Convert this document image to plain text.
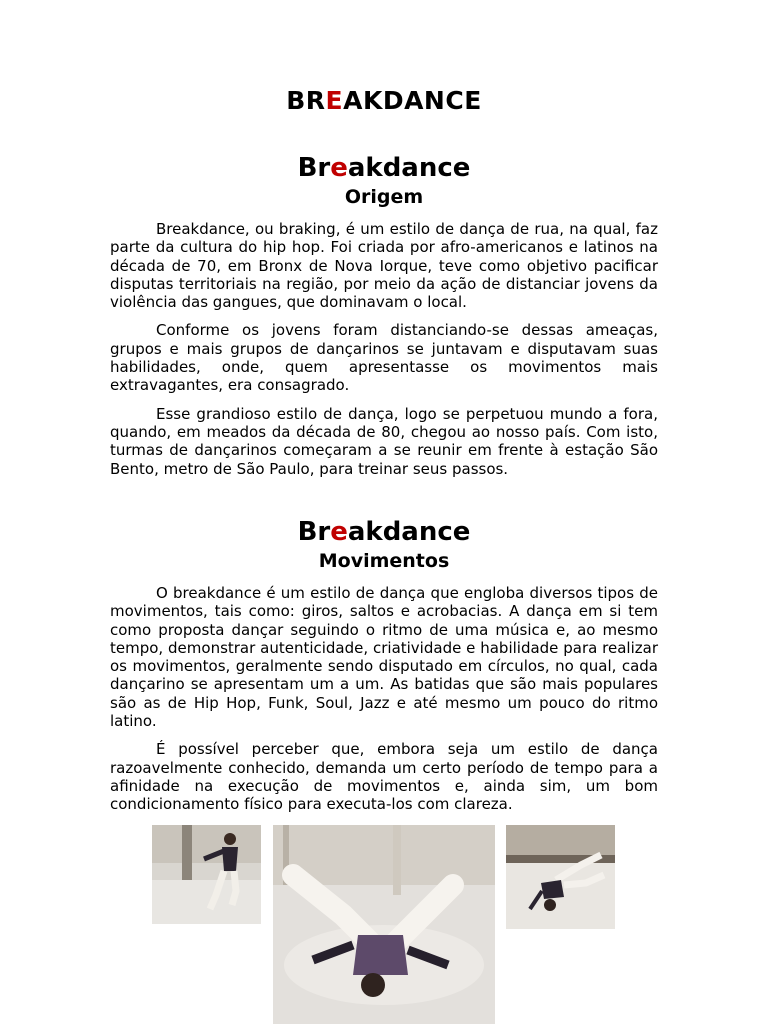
BREAKDANCE
Breakdance
Origem

Breakdance, ou braking, é um estilo de dança de rua, na qual, faz parte da cultura do hip hop. Foi criada por afro-americanos e latinos na década de 70, em Bronx de Nova Iorque, teve como objetivo pacificar disputas territoriais na região, por meio da ação de distanciar jovens da violência das gangues, que dominavam o local.

Conforme os jovens foram distanciando-se dessas ameaças, grupos e mais grupos de dançarinos se juntavam e disputavam suas habilidades, onde, quem apresentasse os movimentos mais extravagantes, era consagrado.

Esse grandioso estilo de dança, logo se perpetuou mundo a fora, quando, em meados da década de 80, chegou ao nosso país. Com isto, turmas de dançarinos começaram a se reunir em frente à estação São Bento, metro de São Paulo, para treinar seus passos.

Breakdance
Movimentos

O breakdance é um estilo de dança que engloba diversos tipos de movimentos, tais como: giros, saltos e acrobacias. A dança em si tem como proposta dançar seguindo o ritmo de uma música e, ao mesmo tempo, demonstrar autenticidade, criatividade e habilidade para realizar os movimentos, geralmente sendo disputado em círculos, no qual, cada dançarino se apresentam um a um. As batidas que são mais populares são as de Hip Hop, Funk, Soul, Jazz e até mesmo um pouco do ritmo latino.

É possível perceber que, embora seja um estilo de dança razoavelmente conhecido, demanda um certo período de tempo para a afinidade na execução de movimentos e, ainda sim, um bom condicionamento físico para executa-los com clareza.
